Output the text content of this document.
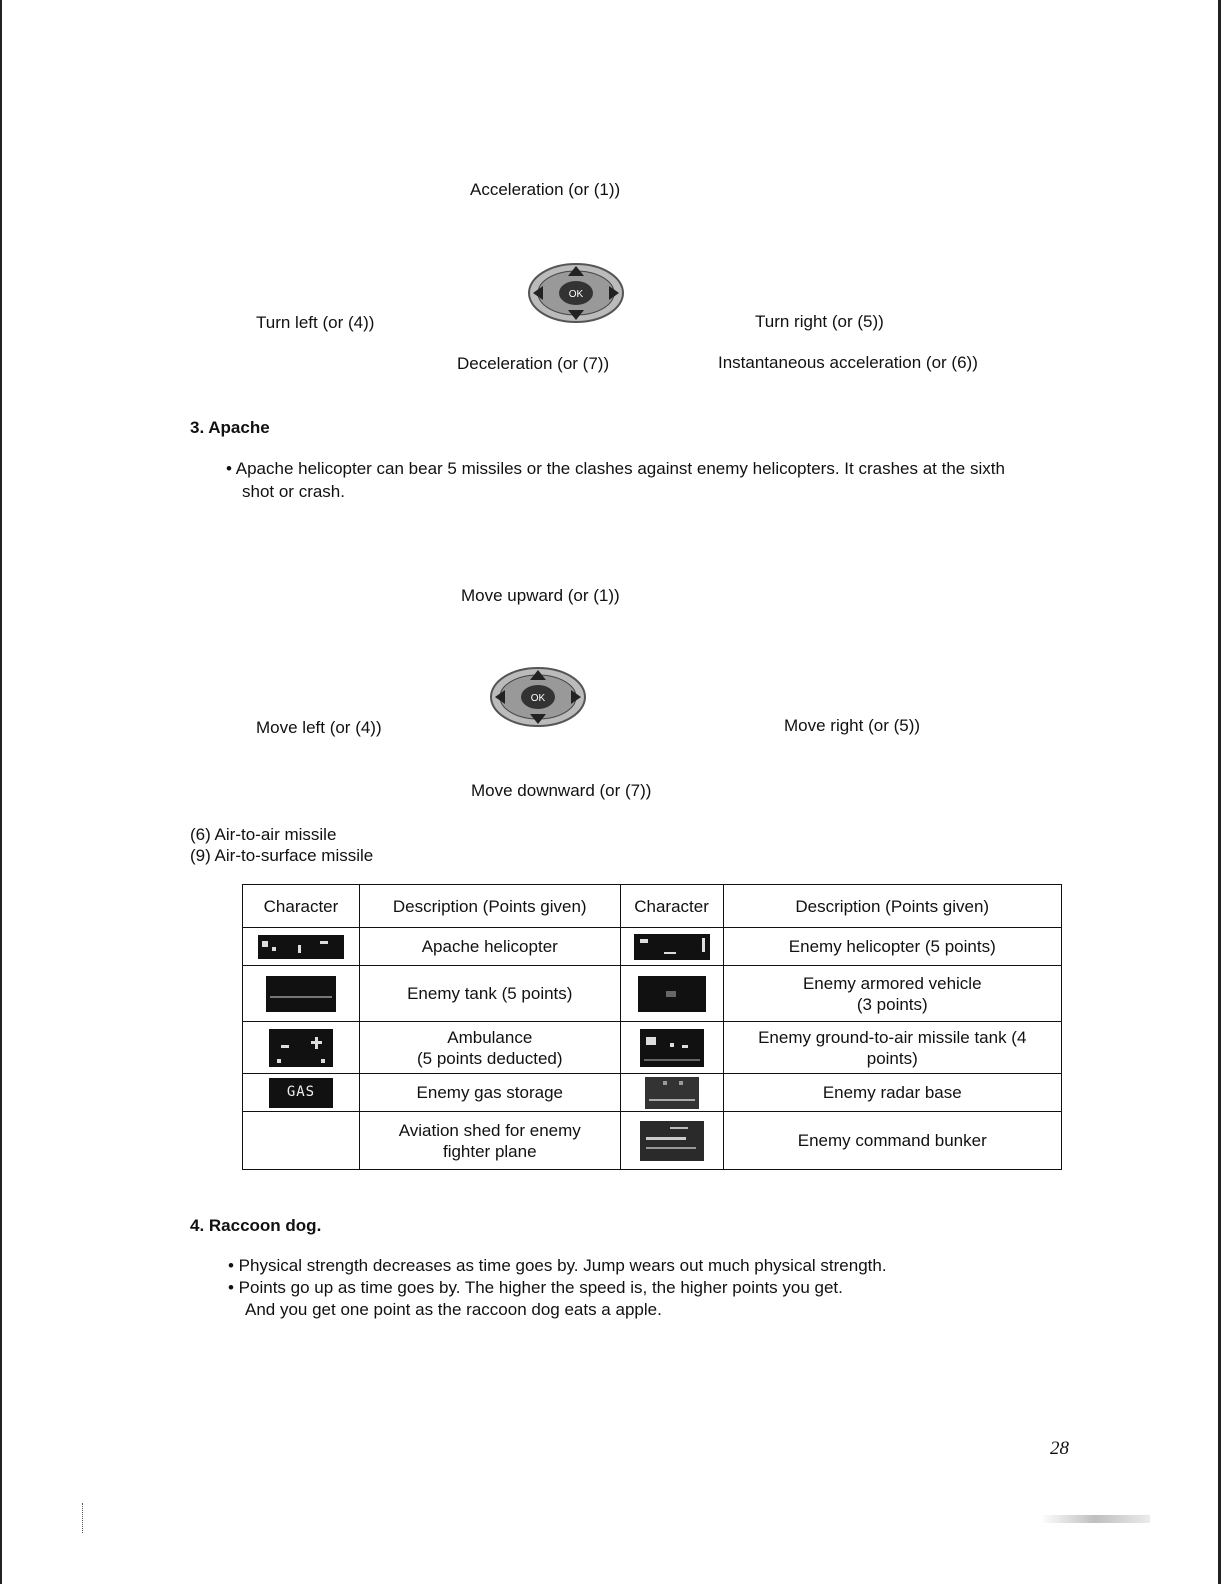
Acceleration (or (1))
OK
Turn left (or (4))	Turn right (or (5))
Deceleration (or (7))	Instantaneous acceleration (or (6))
3. Apache
• Apache helicopter can bear 5 missiles or the clashes against enemy helicopters. It crashes at the sixth
shot or crash.
Move upward (or (1))
OK
Move left (or (4))	Move right (or (5))
Move downward (or (7))
(6) Air-to-air missile
(9) Air-to-surface missile
Character	Description (Points given)	Character	Description (Points given)

	Apache helicopter		Enemy helicopter (5 points)

	Enemy tank (5 points)		Enemy armored vehicle
(3 points)

	Ambulance
(5 points deducted)		Enemy ground-to-air missile tank (4
points)
GAS	Enemy gas storage		Enemy radar base
	Aviation shed for enemy
fighter plane		Enemy command bunker
4. Raccoon dog.
• Physical strength decreases as time goes by. Jump wears out much physical strength.
• Points go up as time goes by. The higher the speed is, the higher points you get.
And you get one point as the raccoon dog eats a apple.
28
